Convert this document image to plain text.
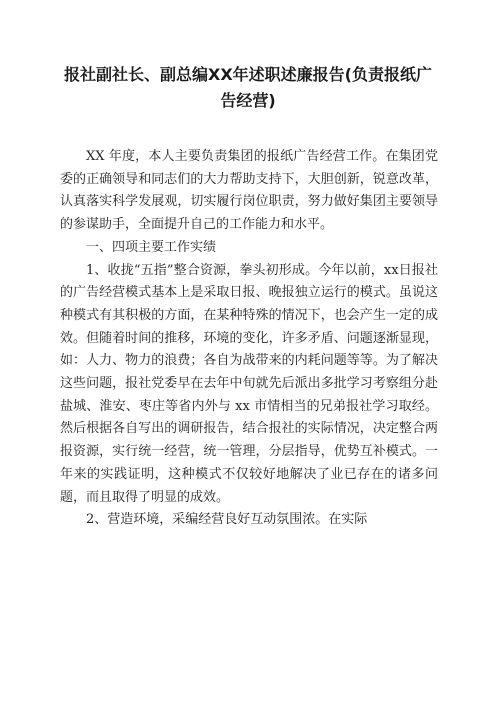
报社副社长、副总编XX年述职述廉报告(负责报纸广告经营)

XX 年度，本人主要负责集团的报纸广告经营工作。在集团党委的正确领导和同志们的大力帮助支持下，大胆创新，锐意改革，认真落实科学发展观，切实履行岗位职责，努力做好集团主要领导的参谋助手，全面提升自己的工作能力和水平。

一、四项主要工作实绩

1、收拢“五指”整合资源，拳头初形成。今年以前，xx日报社的广告经营模式基本上是采取日报、晚报独立运行的模式。虽说这种模式有其积极的方面，在某种特殊的情况下，也会产生一定的成效。但随着时间的推移，环境的变化，许多矛盾、问题逐渐显现，如：人力、物力的浪费；各自为战带来的内耗问题等等。为了解决这些问题，报社党委早在去年中旬就先后派出多批学习考察组分赴盐城、淮安、枣庄等省内外与 xx 市情相当的兄弟报社学习取经。然后根据各自写出的调研报告，结合报社的实际情况，决定整合两报资源，实行统一经营，统一管理，分层指导，优势互补模式。一年来的实践证明，这种模式不仅较好地解决了业已存在的诸多问题，而且取得了明显的成效。

2、营造环境，采编经营良好互动氛围浓。在实际
